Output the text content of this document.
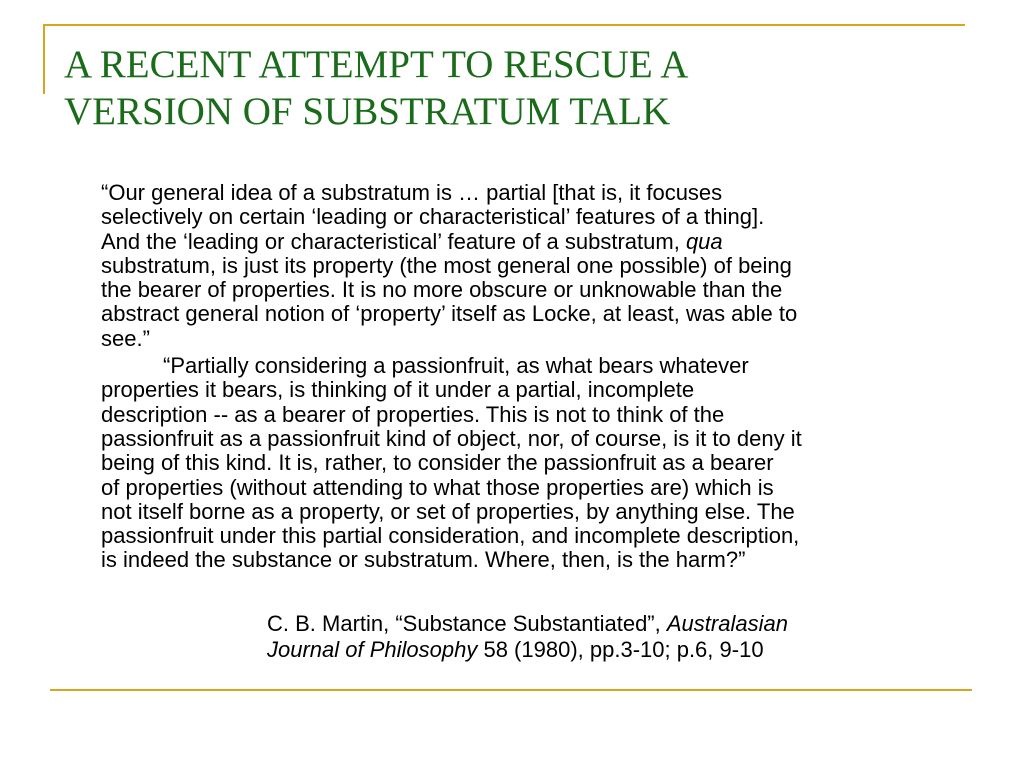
A RECENT ATTEMPT TO RESCUE A
VERSION OF SUBSTRATUM TALK
“Our general idea of a substratum is … partial [that is, it focuses
selectively on certain ‘leading or characteristical’ features of a thing].
And the ‘leading or characteristical’ feature of a substratum, qua
substratum, is just its property (the most general one possible) of being
the bearer of properties. It is no more obscure or unknowable than the
abstract general notion of ‘property’ itself as Locke, at least, was able to
see.”
“Partially considering a passionfruit, as what bears whatever
properties it bears, is thinking of it under a partial, incomplete
description -- as a bearer of properties. This is not to think of the
passionfruit as a passionfruit kind of object, nor, of course, is it to deny it
being of this kind. It is, rather, to consider the passionfruit as a bearer
of properties (without attending to what those properties are) which is
not itself borne as a property, or set of properties, by anything else. The
passionfruit under this partial consideration, and incomplete description,
is indeed the substance or substratum. Where, then, is the harm?”
C. B. Martin, “Substance Substantiated”, Australasian
Journal of Philosophy 58 (1980), pp.3-10; p.6, 9-10
